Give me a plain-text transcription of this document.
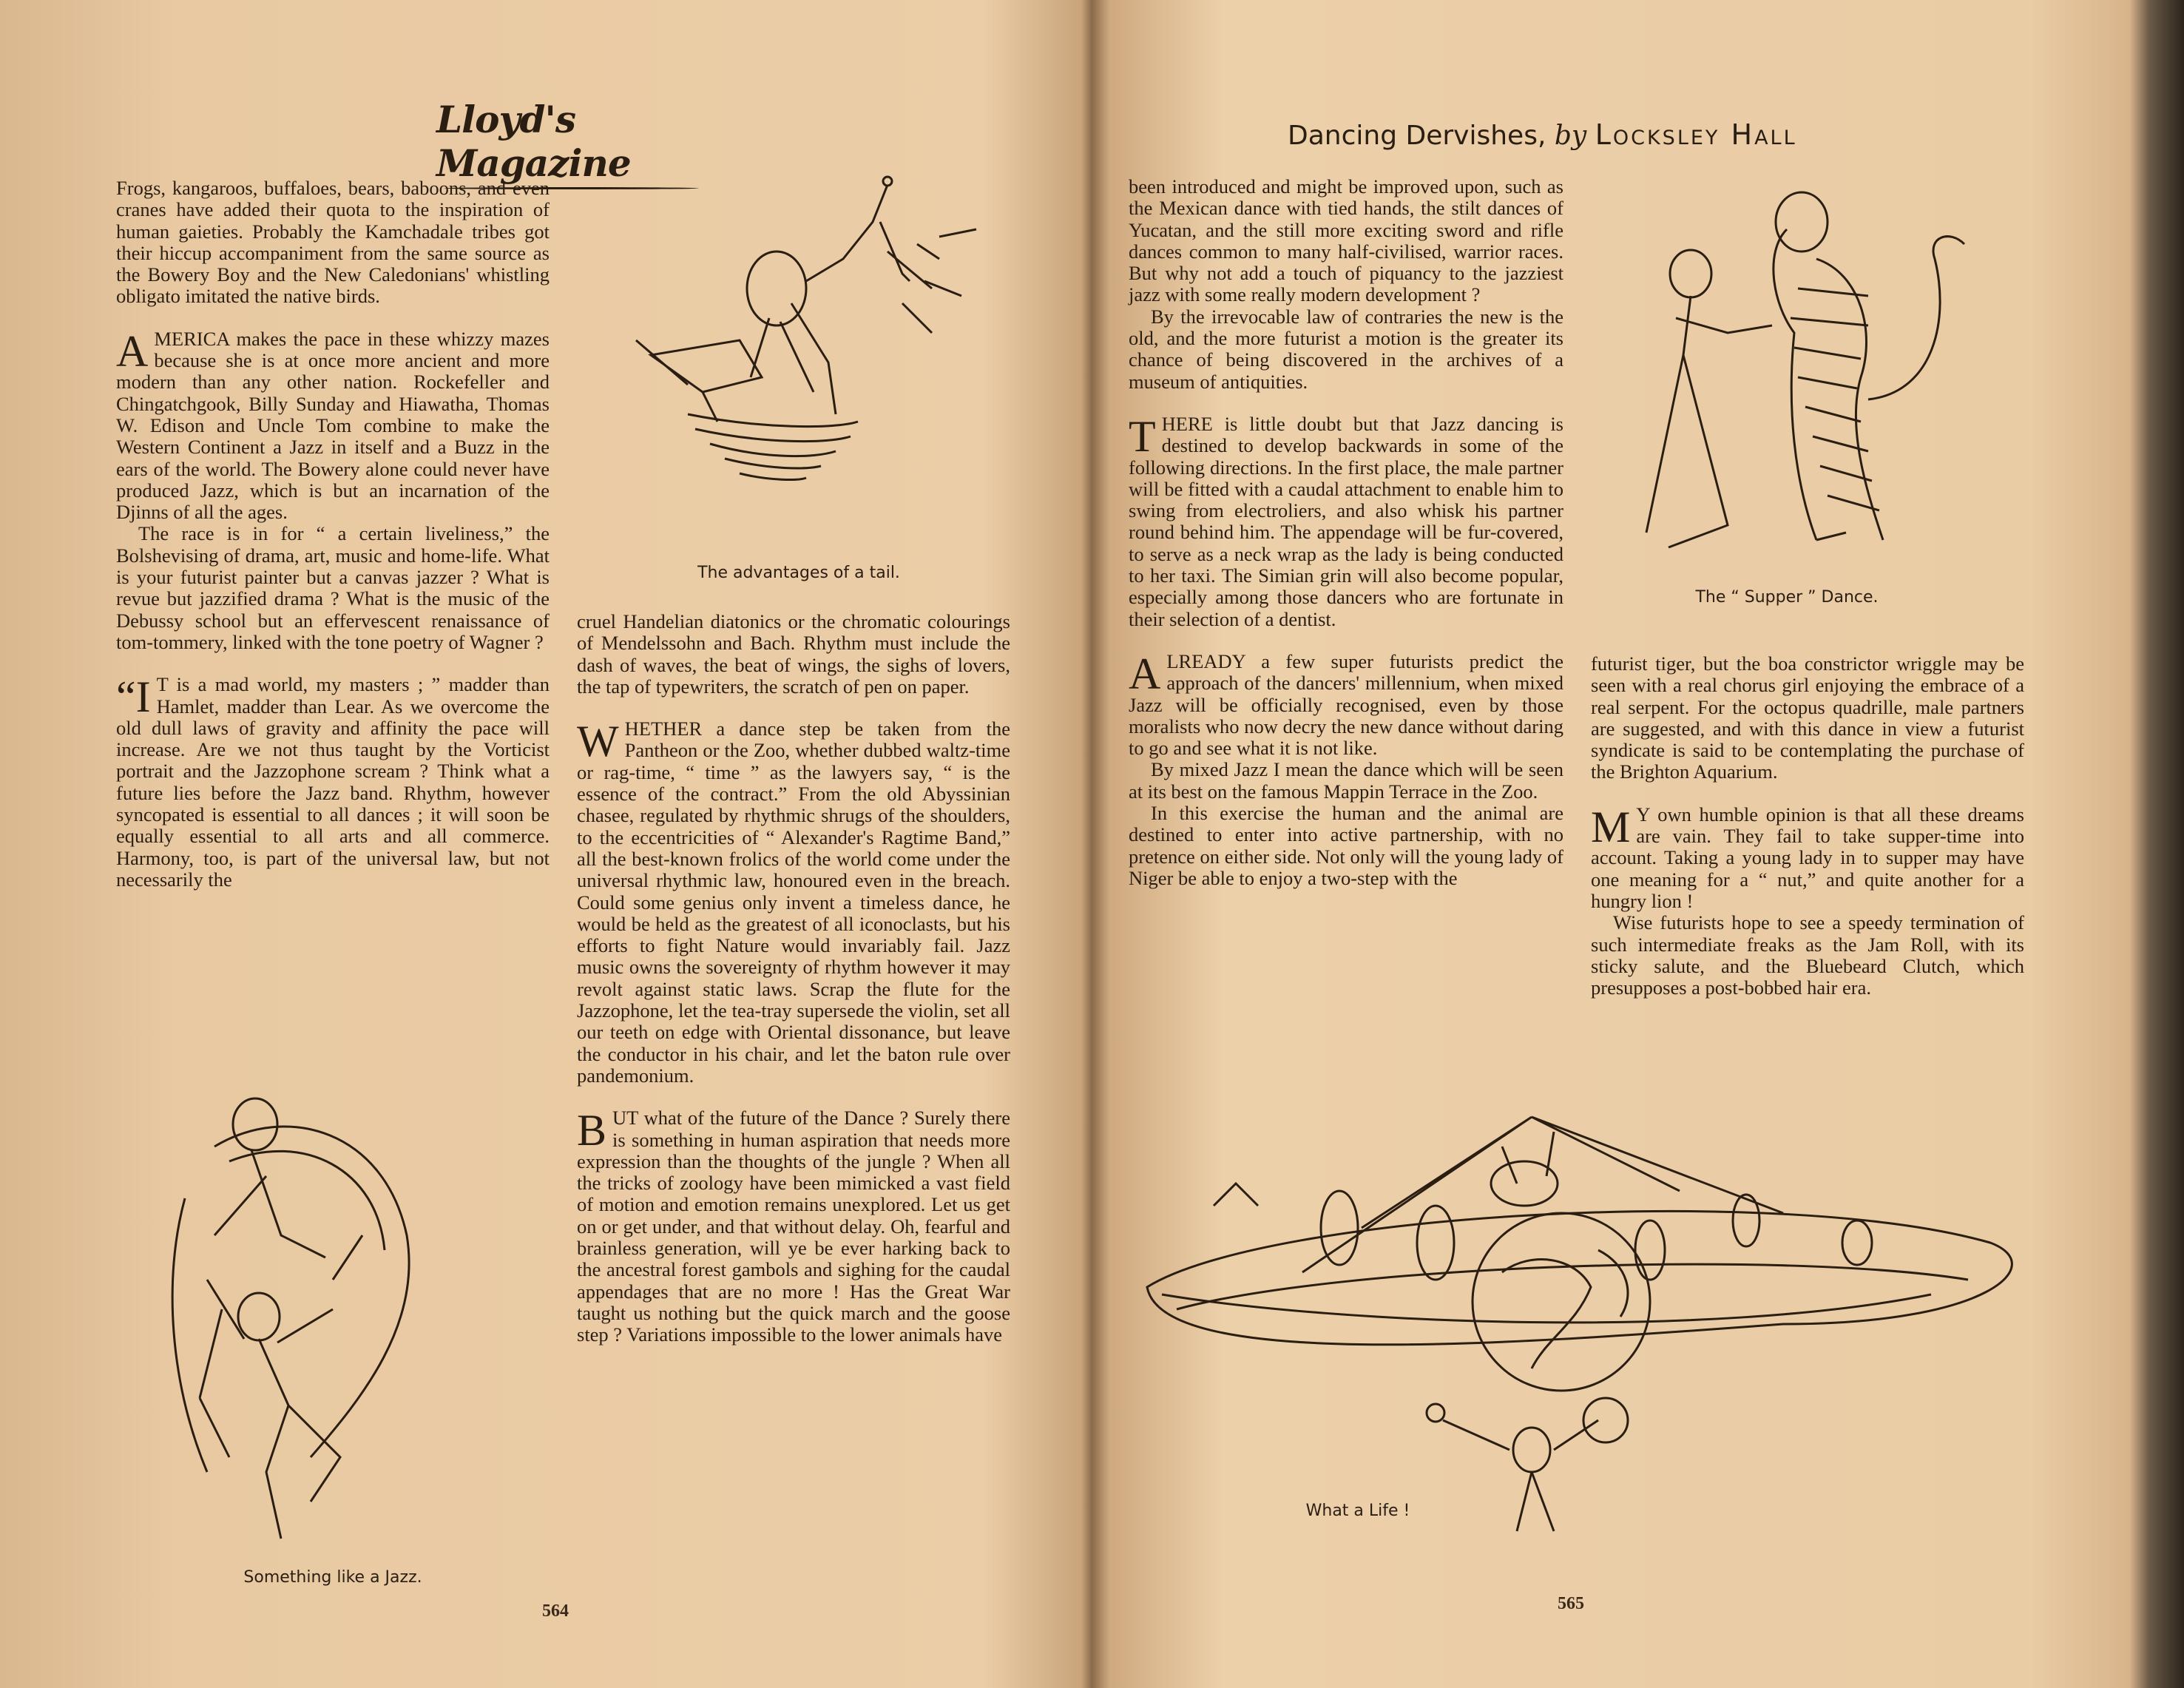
Lloyd's Magazine

Frogs, kangaroos, buffaloes, bears, baboons, and even cranes have added their quota to the inspiration of human gaieties. Probably the Kamchadale tribes got their hiccup accompaniment from the same source as the Bowery Boy and the New Caledonians' whistling obligato imitated the native birds.

AMERICA makes the pace in these whizzy mazes because she is at once more ancient and more modern than any other nation. Rockefeller and Chingatchgook, Billy Sunday and Hiawatha, Thomas W. Edison and Uncle Tom combine to make the Western Continent a Jazz in itself and a Buzz in the ears of the world. The Bowery alone could never have produced Jazz, which is but an incarnation of the Djinns of all the ages.

The race is in for “ a certain liveliness,” the Bolshevising of drama, art, music and home-life. What is your futurist painter but a canvas jazzer ? What is revue but jazzified drama ? What is the music of the Debussy school but an effervescent renaissance of tom-tommery, linked with the tone poetry of Wagner ?

“I T is a mad world, my masters ; ” madder than Hamlet, madder than Lear. As we overcome the old dull laws of gravity and affinity the pace will increase. Are we not thus taught by the Vorticist portrait and the Jazzophone scream ? Think what a future lies before the Jazz band. Rhythm, however syncopated is essential to all dances ; it will soon be equally essential to all arts and all commerce. Harmony, too, is part of the universal law, but not necessarily the

cruel Handelian diatonics or the chromatic colourings of Mendelssohn and Bach. Rhythm must include the dash of waves, the beat of wings, the sighs of lovers, the tap of typewriters, the scratch of pen on paper.

WHETHER a dance step be taken from the Pantheon or the Zoo, whether dubbed waltz-time or rag-time, “ time ” as the lawyers say, “ is the essence of the contract.” From the old Abyssinian chasee, regulated by rhythmic shrugs of the shoulders, to the eccentricities of “ Alexander's Ragtime Band,” all the best-known frolics of the world come under the universal rhythmic law, honoured even in the breach. Could some genius only invent a timeless dance, he would be held as the greatest of all iconoclasts, but his efforts to fight Nature would invariably fail. Jazz music owns the sovereignty of rhythm however it may revolt against static laws. Scrap the flute for the Jazzophone, let the tea-tray supersede the violin, set all our teeth on edge with Oriental dissonance, but leave the conductor in his chair, and let the baton rule over pandemonium.

BUT what of the future of the Dance ? Surely there is something in human aspiration that needs more expression than the thoughts of the jungle ? When all the tricks of zoology have been mimicked a vast field of motion and emotion remains unexplored. Let us get on or get under, and that without delay. Oh, fearful and brainless generation, will ye be ever harking back to the ancestral forest gambols and sighing for the caudal appendages that are no more ! Has the Great War taught us nothing but the quick march and the goose step ? Variations impossible to the lower animals have

The advantages of a tail.
Something like a Jazz.
564
Dancing Dervishes, by Locksley Hall

been introduced and might be improved upon, such as the Mexican dance with tied hands, the stilt dances of Yucatan, and the still more exciting sword and rifle dances common to many half-civilised, warrior races. But why not add a touch of piquancy to the jazziest jazz with some really modern development ?

By the irrevocable law of contraries the new is the old, and the more futurist a motion is the greater its chance of being discovered in the archives of a museum of antiquities.

THERE is little doubt but that Jazz dancing is destined to develop backwards in some of the following directions. In the first place, the male partner will be fitted with a caudal attachment to enable him to swing from electroliers, and also whisk his partner round behind him. The appendage will be fur-covered, to serve as a neck wrap as the lady is being conducted to her taxi. The Simian grin will also become popular, especially among those dancers who are fortunate in their selection of a dentist.

ALREADY a few super futurists predict the approach of the dancers' millennium, when mixed Jazz will be officially recognised, even by those moralists who now decry the new dance without daring to go and see what it is not like.

By mixed Jazz I mean the dance which will be seen at its best on the famous Mappin Terrace in the Zoo.

In this exercise the human and the animal are destined to enter into active partnership, with no pretence on either side. Not only will the young lady of Niger be able to enjoy a two-step with the

futurist tiger, but the boa constrictor wriggle may be seen with a real chorus girl enjoying the embrace of a real serpent. For the octopus quadrille, male partners are suggested, and with this dance in view a futurist syndicate is said to be contemplating the purchase of the Brighton Aquarium.

M Y own humble opinion is that all these dreams are vain. They fail to take supper-time into account. Taking a young lady in to supper may have one meaning for a “ nut,” and quite another for a hungry lion !

Wise futurists hope to see a speedy termination of such intermediate freaks as the Jam Roll, with its sticky salute, and the Bluebeard Clutch, which presupposes a post-bobbed hair era.

The “ Supper ” Dance.
What a Life !
565
